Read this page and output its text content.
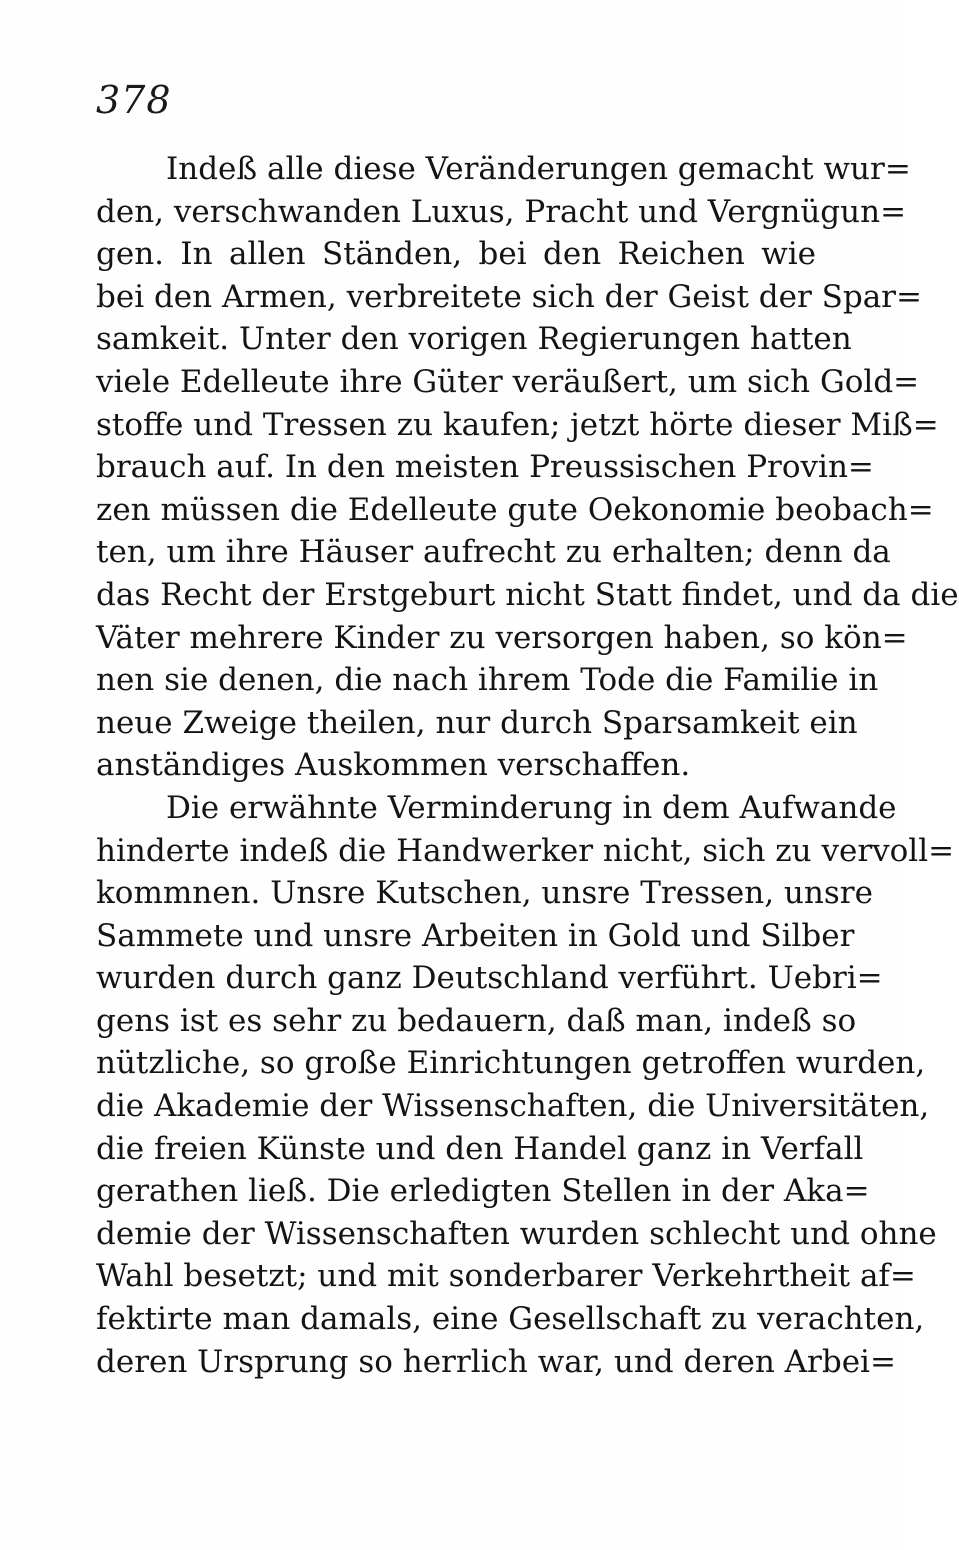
378
Indeß alle diese Veränderungen gemacht wur=
den, verschwanden Luxus, Pracht und Vergnügun=
gen. In allen Ständen, bei den Reichen wie
bei den Armen, verbreitete sich der Geist der Spar=
samkeit. Unter den vorigen Regierungen hatten
viele Edelleute ihre Güter veräußert, um sich Gold=
stoffe und Tressen zu kaufen; jetzt hörte dieser Miß=
brauch auf. In den meisten Preussischen Provin=
zen müssen die Edelleute gute Oekonomie beobach=
ten, um ihre Häuser aufrecht zu erhalten; denn da
das Recht der Erstgeburt nicht Statt findet, und da die
Väter mehrere Kinder zu versorgen haben, so kön=
nen sie denen, die nach ihrem Tode die Familie in
neue Zweige theilen, nur durch Sparsamkeit ein
anständiges Auskommen verschaffen.
Die erwähnte Verminderung in dem Aufwande
hinderte indeß die Handwerker nicht, sich zu vervoll=
kommnen. Unsre Kutschen, unsre Tressen, unsre
Sammete und unsre Arbeiten in Gold und Silber
wurden durch ganz Deutschland verführt. Uebri=
gens ist es sehr zu bedauern, daß man, indeß so
nützliche, so große Einrichtungen getroffen wurden,
die Akademie der Wissenschaften, die Universitäten,
die freien Künste und den Handel ganz in Verfall
gerathen ließ. Die erledigten Stellen in der Aka=
demie der Wissenschaften wurden schlecht und ohne
Wahl besetzt; und mit sonderbarer Verkehrtheit af=
fektirte man damals, eine Gesellschaft zu verachten,
deren Ursprung so herrlich war, und deren Arbei=
